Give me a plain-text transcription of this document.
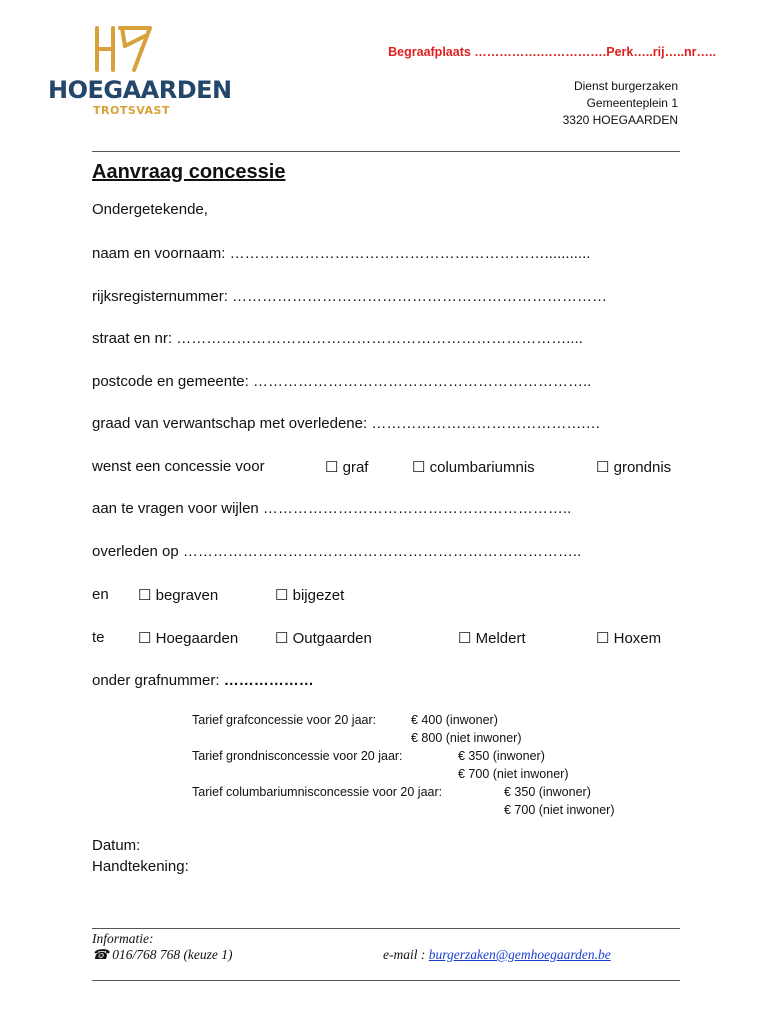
HOEGAARDEN
TROTSVAST
Begraafplaats …………….…………….Perk…..rij…..nr…..
Dienst burgerzaken
Gemeenteplein 1
3320 HOEGAARDEN
Aanvraag concessie
Ondergetekende,
naam en voornaam: ………………………………………………………...........
rijksregisternummer: …………………………………………………………………
straat en nr: ……………………………………………………………………....
postcode en gemeente: …………………………………………………………..
graad van verwantschap met overledene: …………………………………….…
wenst een concessie voor	☐ graf	☐ columbariumnis	☐ grondnis
aan te vragen voor wijlen ……………………………………………………..
overleden op ……………………………………………………………………..
en ☐ begraven	☐ bijgezet
te ☐ Hoegaarden ☐ Outgaarden	☐ Meldert	☐ Hoxem
onder grafnummer: ………………
Tarief grafconcessie voor 20 jaar:	€ 400 (inwoner)
€ 800 (niet inwoner)
Tarief grondnisconcessie voor 20 jaar:	€ 350 (inwoner)
€ 700 (niet inwoner)
Tarief columbariumnisconcessie voor 20 jaar:	€ 350 (inwoner)
€ 700 (niet inwoner)
Datum:
Handtekening:
Informatie:
☎ 016/768 768 (keuze 1)	e-mail : burgerzaken@gemhoegaarden.be
